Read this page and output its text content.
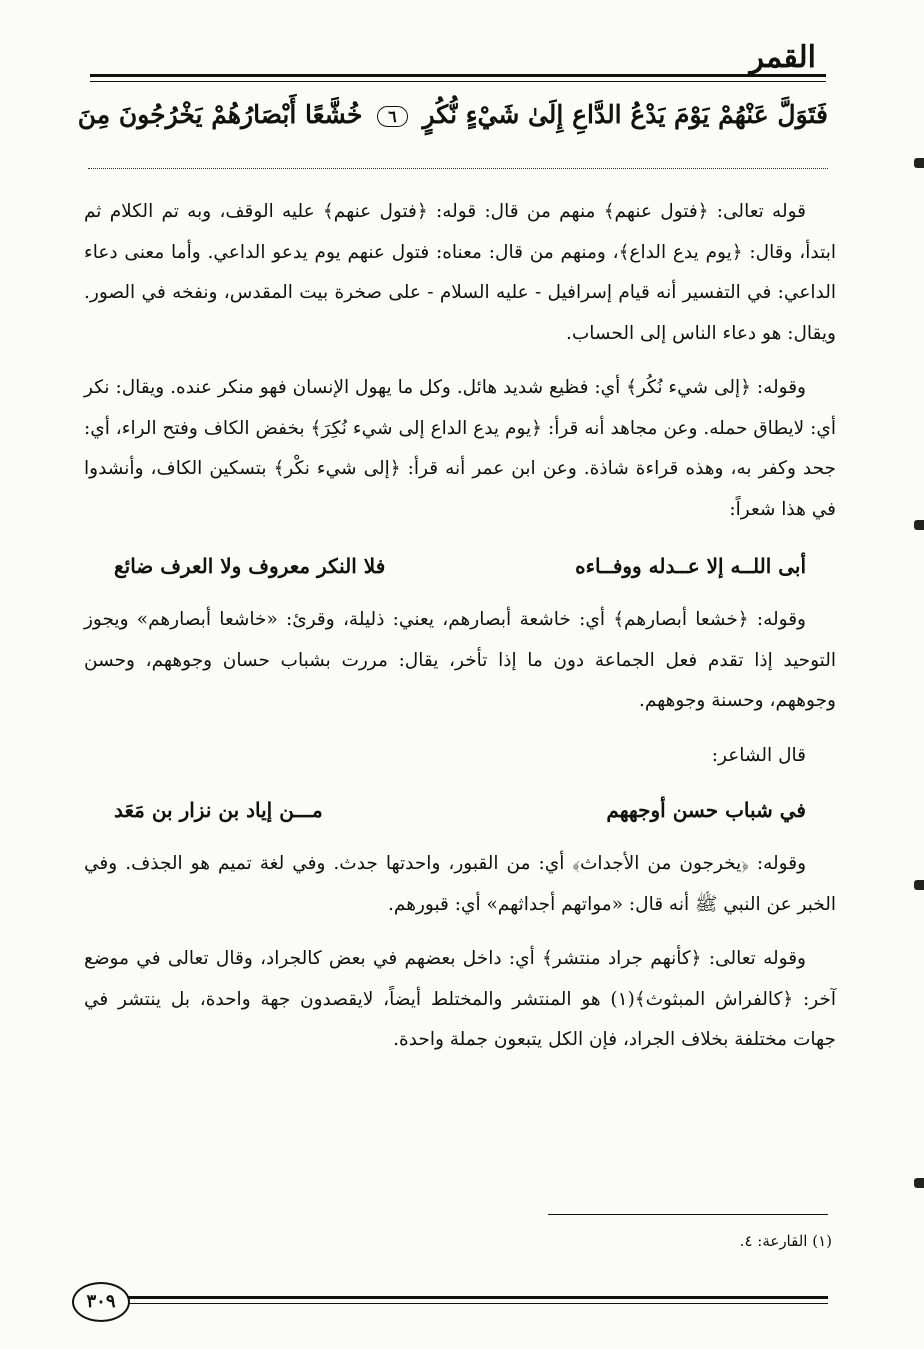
القمر
فَتَوَلَّ عَنْهُمْ يَوْمَ يَدْعُ الدَّاعِ إِلَىٰ شَيْءٍ نُّكُرٍ ٦ خُشَّعًا أَبْصَارُهُمْ يَخْرُجُونَ مِنَ

قوله تعالى: ﴿فتول عنهم﴾ منهم من قال: قوله: ﴿فتول عنهم﴾ عليه الوقف، وبه تم الكلام ثم ابتدأ، وقال: ﴿يوم يدع الداع﴾، ومنهم من قال: معناه: فتول عنهم يوم يدعو الداعي. وأما معنى دعاء الداعي: في التفسير أنه قيام إسرافيل - عليه السلام - على صخرة بيت المقدس، ونفخه في الصور. ويقال: هو دعاء الناس إلى الحساب.

وقوله: ﴿إلى شيء نُكُر﴾ أي: فظيع شديد هائل. وكل ما يهول الإنسان فهو منكر عنده. ويقال: نكر أي: لايطاق حمله. وعن مجاهد أنه قرأ: ﴿يوم يدع الداع إلى شيء نُكِرَ﴾ بخفض الكاف وفتح الراء، أي: جحد وكفر به، وهذه قراءة شاذة. وعن ابن عمر أنه قرأ: ﴿إلى شيء نكْر﴾ بتسكين الكاف، وأنشدوا في هذا شعراً:

أبى اللــه إلا عــدله ووفــاءه
فلا النكر معروف ولا العرف ضائع

وقوله: ﴿خشعا أبصارهم﴾ أي: خاشعة أبصارهم، يعني: ذليلة، وقرئ: «خاشعا أبصارهم» ويجوز التوحيد إذا تقدم فعل الجماعة دون ما إذا تأخر، يقال: مررت بشباب حسان وجوههم، وحسن وجوههم، وحسنة وجوههم.

قال الشاعر:

في شباب حسن أوجههم
مـــن إياد بن نزار بن مَعَد

وقوله: ﴿يخرجون من الأجداث﴾ أي: من القبور، واحدتها جدث. وفي لغة تميم هو الجذف. وفي الخبر عن النبي ﷺ أنه قال: «مواتهم أجداثهم» أي: قبورهم.

وقوله تعالى: ﴿كأنهم جراد منتشر﴾ أي: داخل بعضهم في بعض كالجراد، وقال تعالى في موضع آخر: ﴿كالفراش المبثوث﴾(١) هو المنتشر والمختلط أيضاً، لايقصدون جهة واحدة، بل ينتشر في جهات مختلفة بخلاف الجراد، فإن الكل يتبعون جملة واحدة.

(١) القارعة: ٤.
٣٠٩
